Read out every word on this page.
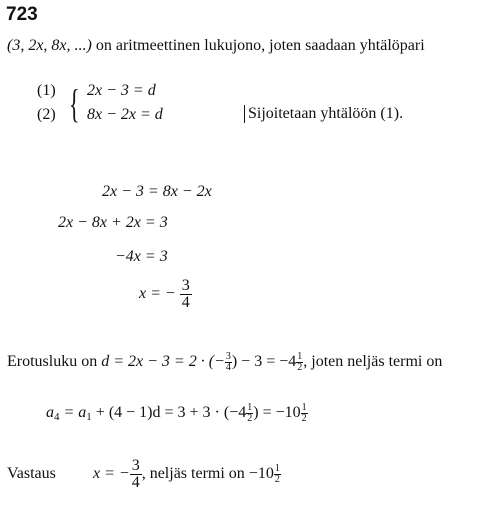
723
(3, 2x, 8x, ...) on aritmeettinen lukujono, joten saadaan yhtälöpari
(1)
(2) { 2x − 3 = d
8x − 2x = d	Sijoitetaan yhtälöön (1).
2x − 3 = 8x − 2x
2x − 8x + 2x = 3
−4x = 3
x = − $\frac{3}{4}$
Erotusluku on d = 2x − 3 = 2 · (− $\frac{3}{4}$ ) − $3 = -4 \frac{1}{2}$ , joten neljäs termi on
$a_4 = a_1 + (4 - 1)d = 3 + 3 \cdot (-4 \frac{1}{2}$ ) = $-10 \frac{1}{2}$
Vastaus x = − $\frac{3}{4}$ , neljäs termi on $-10 \frac{1}{2}$
